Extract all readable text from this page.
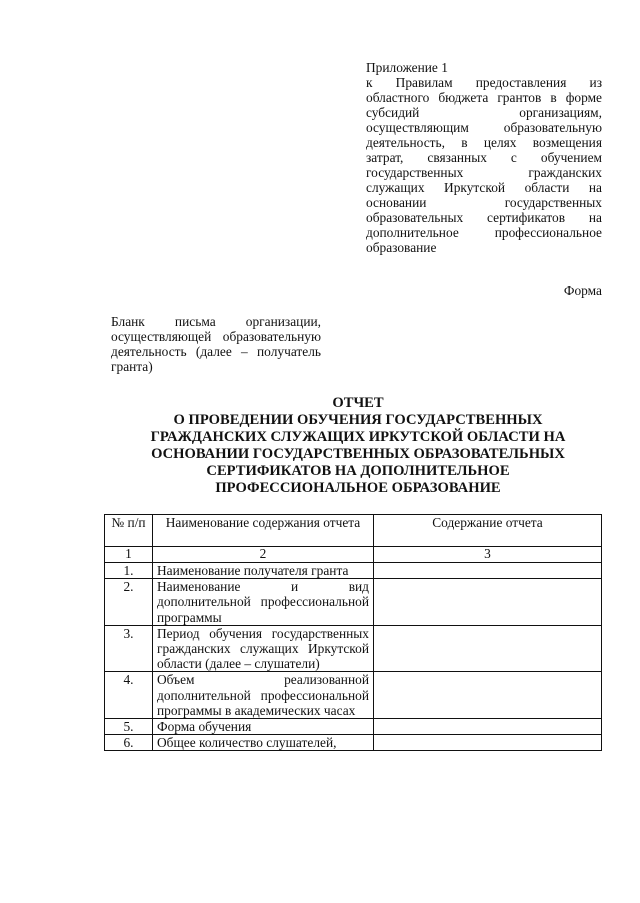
Приложение 1
к Правилам предоставления из областного бюджета грантов в форме субсидий организациям, осуществляющим образовательную деятельность, в целях возмещения затрат, связанных с обучением государственных гражданских служащих Иркутской области на основании государственных образовательных сертификатов на дополнительное профессиональное образование
Форма
Бланк письма организации, осуществляющей образовательную деятельность (далее – получатель гранта)
ОТЧЕТ
О ПРОВЕДЕНИИ ОБУЧЕНИЯ ГОСУДАРСТВЕННЫХ
ГРАЖДАНСКИХ СЛУЖАЩИХ ИРКУТСКОЙ ОБЛАСТИ НА
ОСНОВАНИИ ГОСУДАРСТВЕННЫХ ОБРАЗОВАТЕЛЬНЫХ
СЕРТИФИКАТОВ НА ДОПОЛНИТЕЛЬНОЕ
ПРОФЕССИОНАЛЬНОЕ ОБРАЗОВАНИЕ
№ п/п	Наименование содержания отчета	Содержание отчета
1	2	3
1.	Наименование получателя гранта	
2.	Наименование и вид дополнительной профессиональной программы	
3.	Период обучения государственных гражданских служащих Иркутской области (далее – слушатели)	
4.	Объем реализованной дополнительной профессиональной программы в академических часах	
5.	Форма обучения	
6.	Общее количество слушателей,	
